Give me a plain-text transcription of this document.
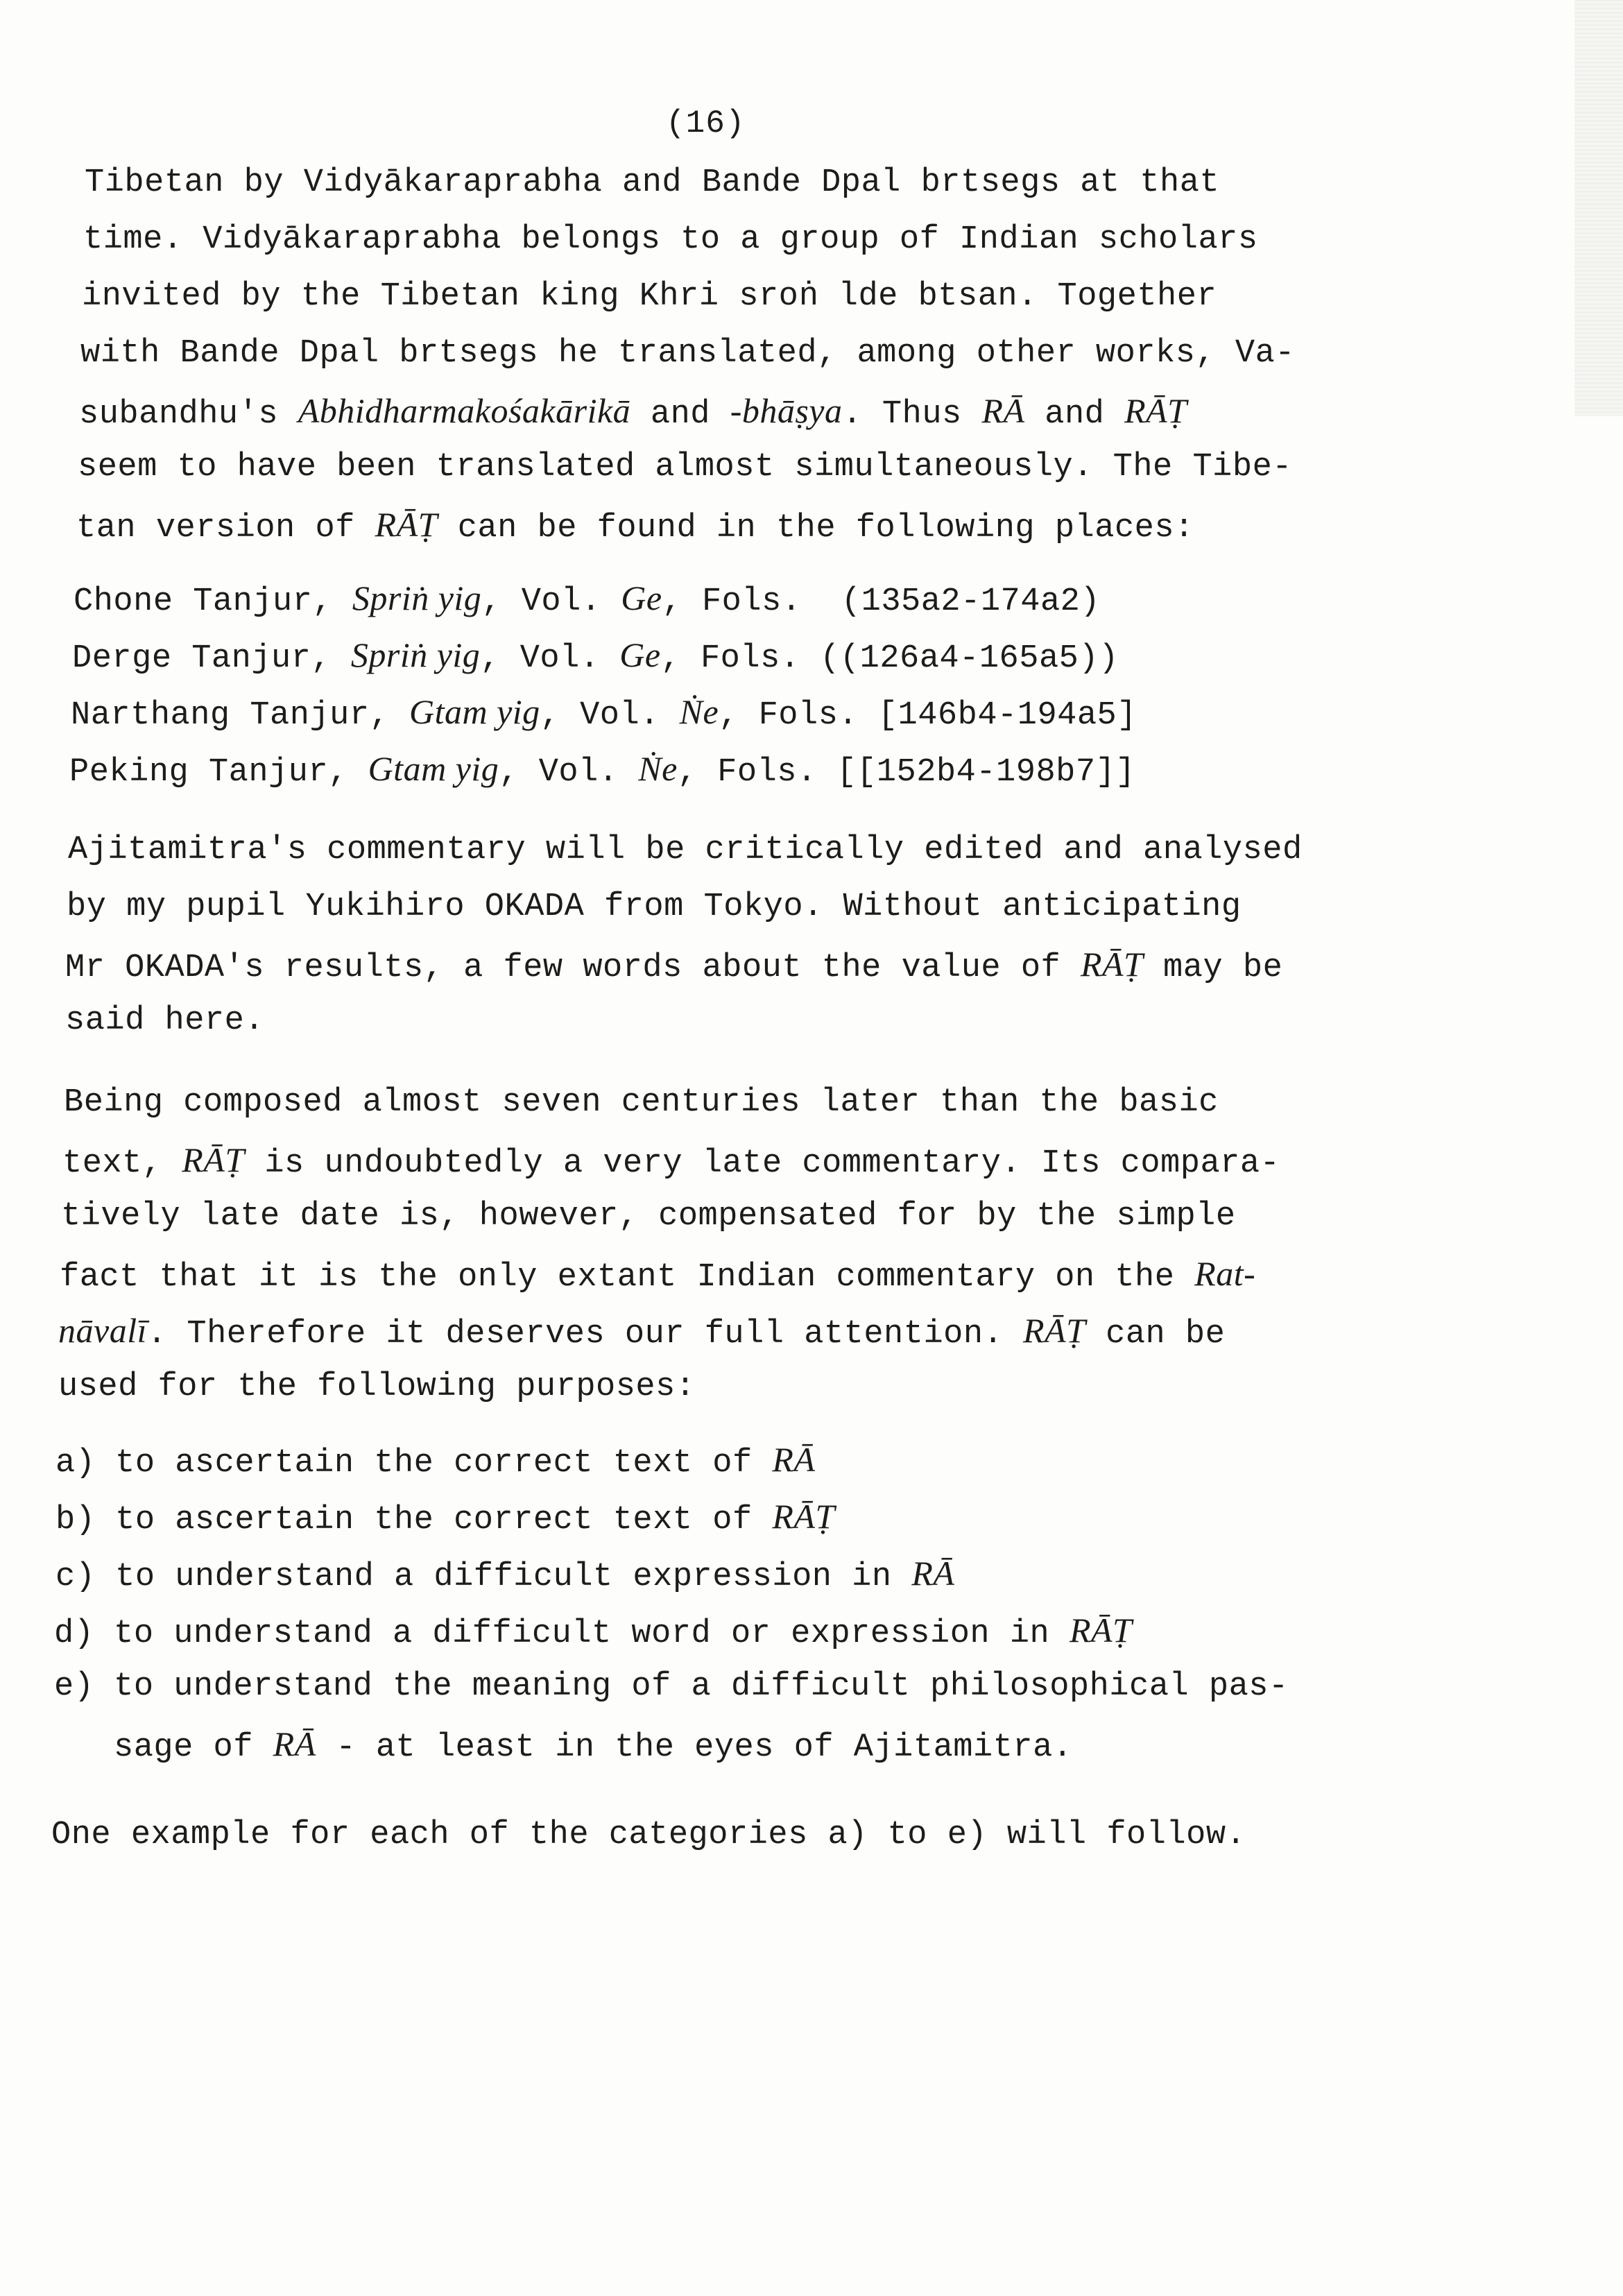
(16)
Tibetan by Vidyākaraprabha and Bande Dpal brtsegs at that
time. Vidyākaraprabha belongs to a group of Indian scholars
invited by the Tibetan king Khri sroṅ lde btsan. Together
with Bande Dpal brtsegs he translated, among other works, Va-
subandhu's Abhidharmakośakārikā and -bhāṣya. Thus RĀ and RĀṬ
seem to have been translated almost simultaneously. The Tibe-
tan version of RĀṬ can be found in the following places:
Chone Tanjur, Spriṅ yig, Vol. Ge, Fols.  (135a2-174a2)
Derge Tanjur, Spriṅ yig, Vol. Ge, Fols. ((126a4-165a5))
Narthang Tanjur, Gtam yig, Vol. Ṅe, Fols. [146b4-194a5]
Peking Tanjur, Gtam yig, Vol. Ṅe, Fols. [[152b4-198b7]]
Ajitamitra's commentary will be critically edited and analysed
by my pupil Yukihiro OKADA from Tokyo. Without anticipating
Mr OKADA's results, a few words about the value of RĀṬ may be
said here.
Being composed almost seven centuries later than the basic
text, RĀṬ is undoubtedly a very late commentary. Its compara-
tively late date is, however, compensated for by the simple
fact that it is the only extant Indian commentary on the Rat-
nāvalī. Therefore it deserves our full attention. RĀṬ can be
used for the following purposes:
a) to ascertain the correct text of RĀ
b) to ascertain the correct text of RĀṬ
c) to understand a difficult expression in RĀ
d) to understand a difficult word or expression in RĀṬ
e) to understand the meaning of a difficult philosophical pas-
sage of RĀ - at least in the eyes of Ajitamitra.
One example for each of the categories a) to e) will follow.
